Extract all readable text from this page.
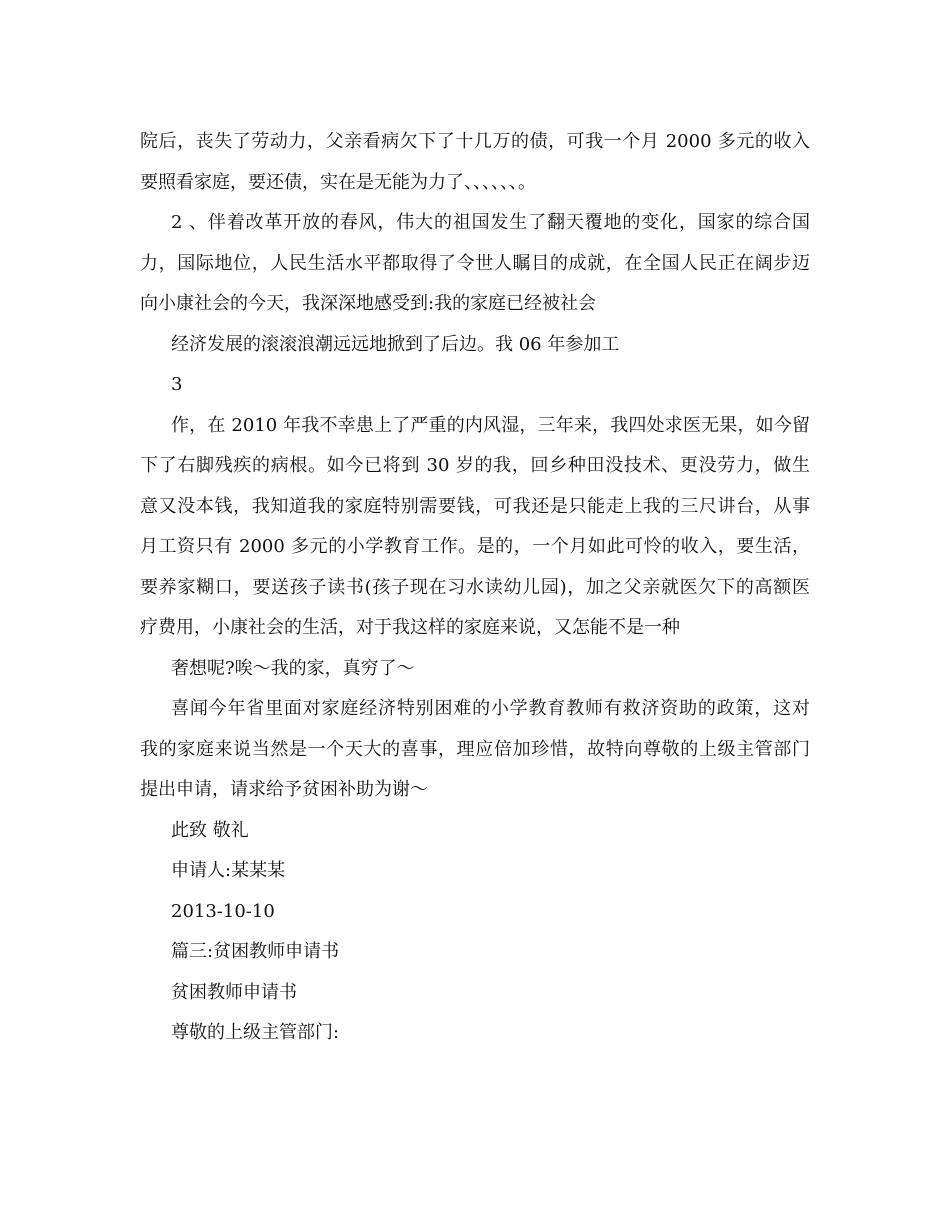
院后，丧失了劳动力，父亲看病欠下了十几万的债，可我一个月 2000 多元的收入
要照看家庭，要还债，实在是无能为力了、、、、、、。
2 、伴着改革开放的春风，伟大的祖国发生了翻天覆地的变化，国家的综合国
力，国际地位，人民生活水平都取得了令世人瞩目的成就，在全国人民正在阔步迈
向小康社会的今天，我深深地感受到:我的家庭已经被社会
经济发展的滚滚浪潮远远地掀到了后边。我 06 年参加工
3
作，在 2010 年我不幸患上了严重的内风湿，三年来，我四处求医无果，如今留
下了右脚残疾的病根。如今已将到 30 岁的我，回乡种田没技术、更没劳力，做生
意又没本钱，我知道我的家庭特别需要钱，可我还是只能走上我的三尺讲台，从事
月工资只有 2000 多元的小学教育工作。是的，一个月如此可怜的收入，要生活，
要养家糊口，要送孩子读书(孩子现在习水读幼儿园)，加之父亲就医欠下的高额医
疗费用，小康社会的生活，对于我这样的家庭来说，又怎能不是一种
奢想呢?唉～我的家，真穷了～
喜闻今年省里面对家庭经济特别困难的小学教育教师有救济资助的政策，这对
我的家庭来说当然是一个天大的喜事，理应倍加珍惜，故特向尊敬的上级主管部门
提出申请，请求给予贫困补助为谢～
此致 敬礼
申请人:某某某
2013-10-10
篇三:贫困教师申请书
贫困教师申请书
尊敬的上级主管部门:
